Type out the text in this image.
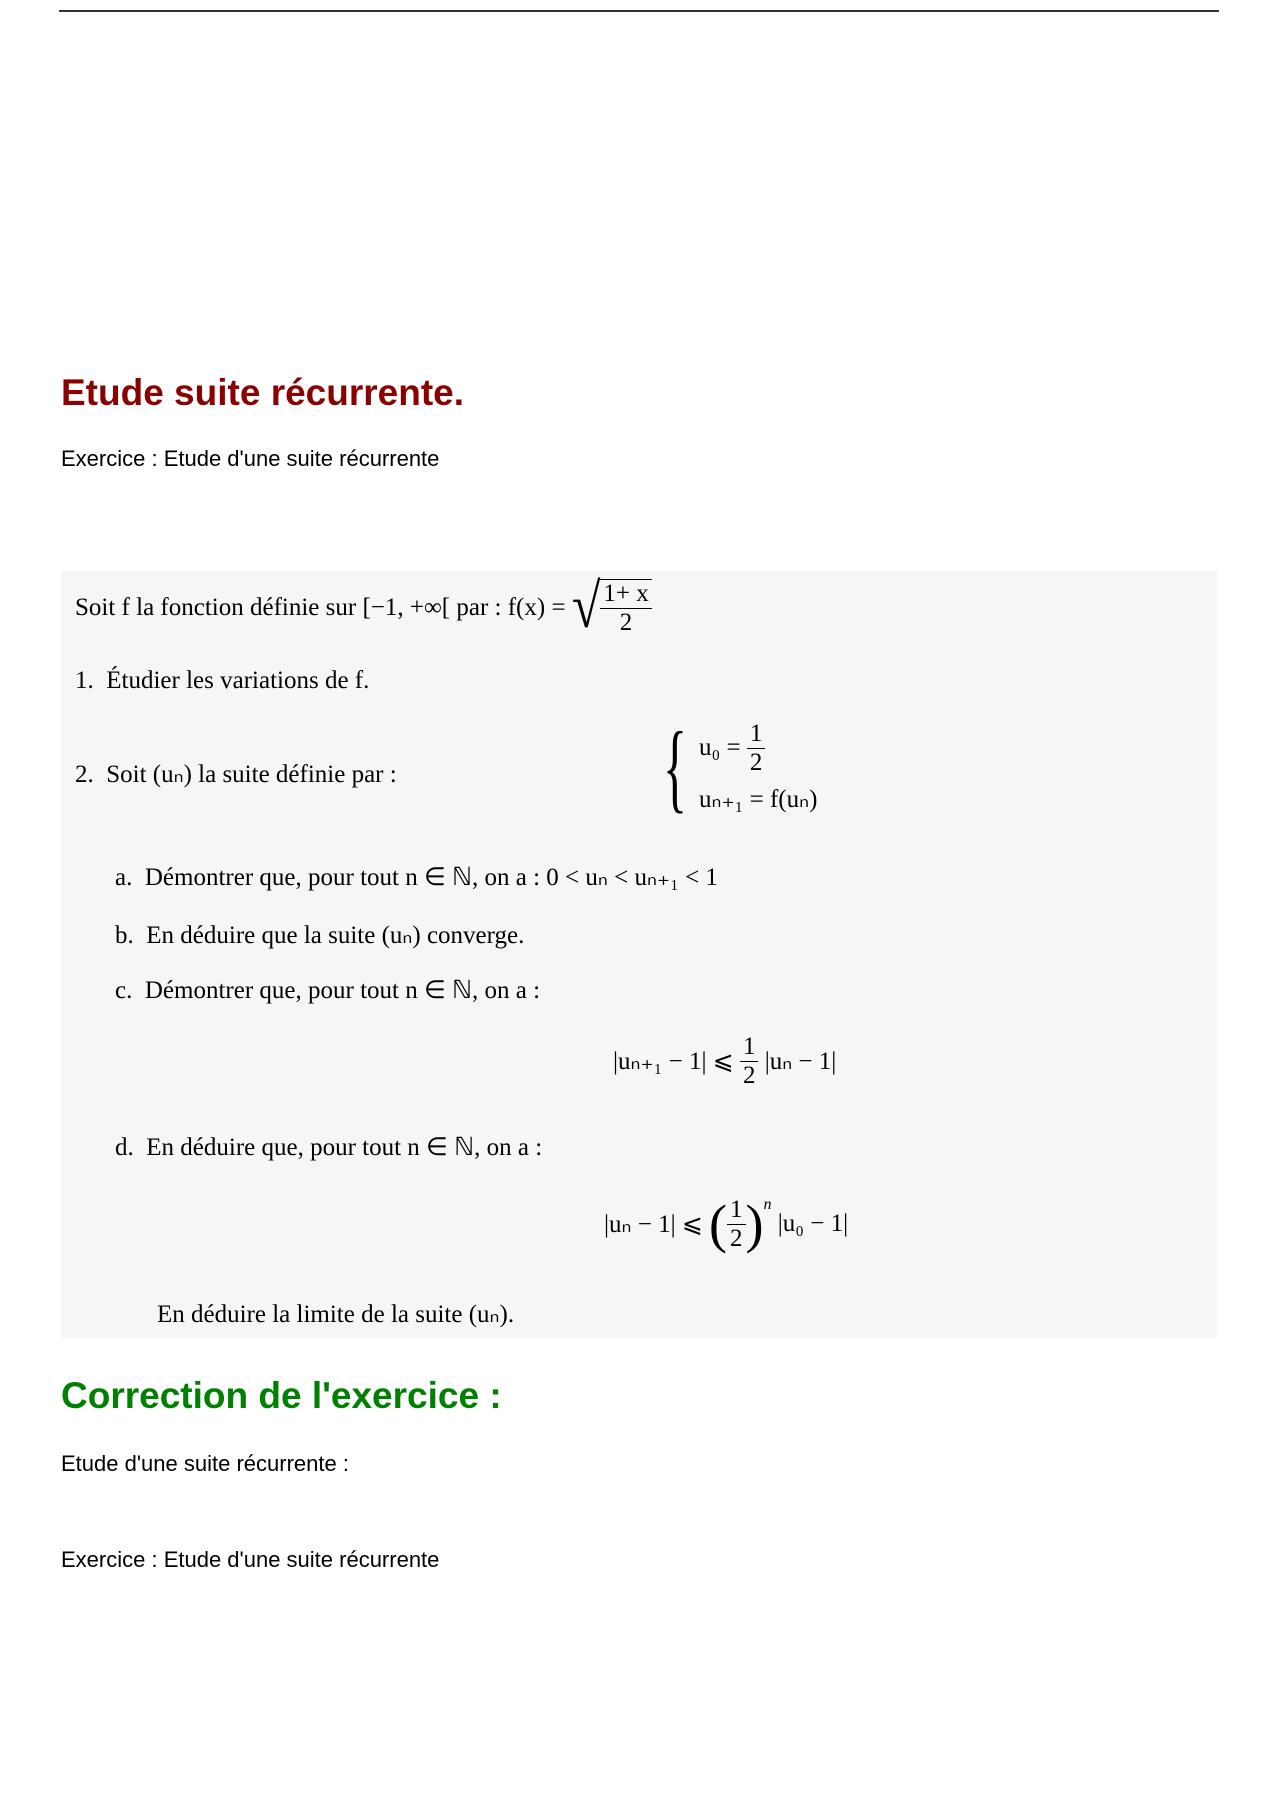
Etude suite récurrente.
Exercice : Etude d'une suite récurrente
Soit f la fonction définie sur [−1, +∞[ par : f(x) =
√ $\frac{1+ x}{2}$
1. Étudier les variations de f.
2. Soit (uₙ) la suite définie par :	{ u₀ =
$\frac{1}{2}$
uₙ₊₁ = f(uₙ)
a. Démontrer que, pour tout n ∈ ℕ, on a : 0 < uₙ < uₙ₊₁ < 1
b. En déduire que la suite (uₙ) converge.
c. Démontrer que, pour tout n ∈ ℕ, on a :
|uₙ₊₁ − 1| ⩽
$\frac{1}{2}$
|uₙ − 1|
d. En déduire que, pour tout n ∈ ℕ, on a :
|uₙ − 1| ⩽
( $\frac{1}{2} )^n$

|u₀ − 1|
En déduire la limite de la suite (uₙ).
Correction de l'exercice :
Etude d'une suite récurrente :
Exercice : Etude d'une suite récurrente
